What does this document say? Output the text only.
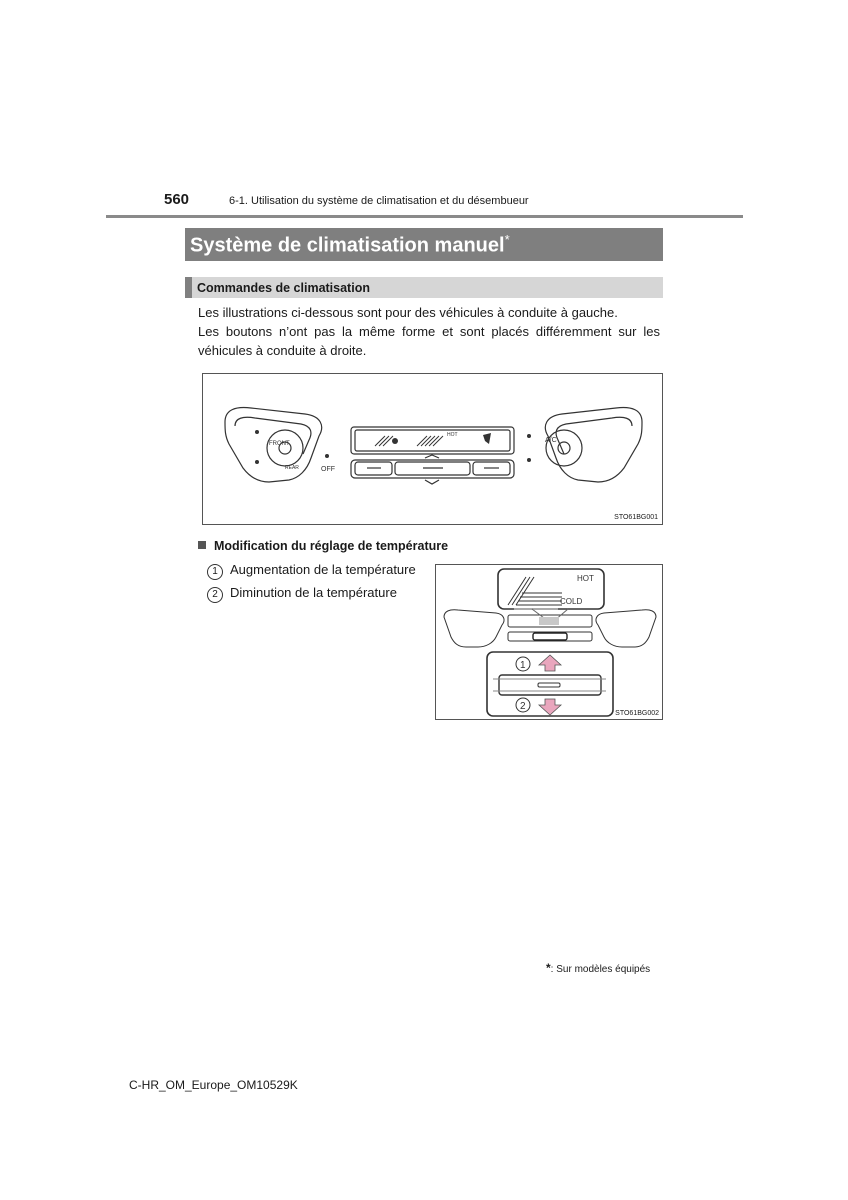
560	6-1. Utilisation du système de climatisation et du désembueur
Système de climatisation manuel*
Commandes de climatisation
Les illustrations ci-dessous sont pour des véhicules à conduite à gauche.
Les boutons n’ont pas la même forme et sont placés différemment sur les véhicules à conduite à droite.
FRONT
REAR	OFF
A/C
HOT
STO61BG001
Modification du réglage de température
1 Augmentation de la température
2 Diminution de la température
HOT
COLD
1
2
STO61BG002
*: Sur modèles équipés
C-HR_OM_Europe_OM10529K
